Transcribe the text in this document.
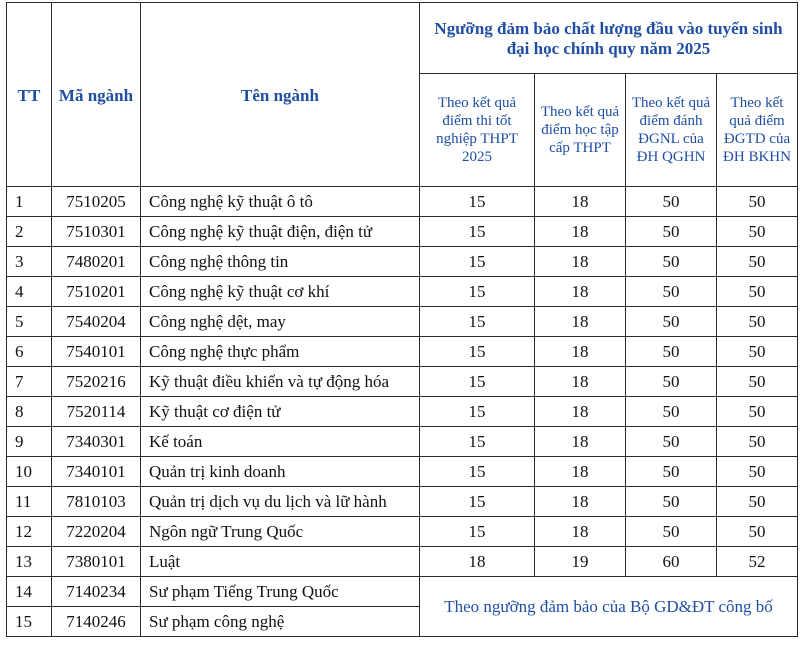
TT	Mã ngành	Tên ngành	Ngưỡng đảm bảo chất lượng đầu vào tuyển sinh đại học chính quy năm 2025			
			Theo kết quả điểm thi tốt nghiệp THPT 2025	Theo kết quả điểm học tập cấp THPT	Theo kết quả điểm đánh ĐGNL của ĐH QGHN	Theo kết quả điểm ĐGTD của ĐH BKHN
1	7510205	Công nghệ kỹ thuật ô tô	15	18	50	50
2	7510301	Công nghệ kỹ thuật điện, điện tử	15	18	50	50
3	7480201	Công nghệ thông tin	15	18	50	50
4	7510201	Công nghệ kỹ thuật cơ khí	15	18	50	50
5	7540204	Công nghệ dệt, may	15	18	50	50
6	7540101	Công nghệ thực phẩm	15	18	50	50
7	7520216	Kỹ thuật điều khiển và tự động hóa	15	18	50	50
8	7520114	Kỹ thuật cơ điện tử	15	18	50	50
9	7340301	Kế toán	15	18	50	50
10	7340101	Quản trị kinh doanh	15	18	50	50
11	7810103	Quản trị dịch vụ du lịch và lữ hành	15	18	50	50
12	7220204	Ngôn ngữ Trung Quốc	15	18	50	50
13	7380101	Luật	18	19	60	52
14	7140234	Sư phạm Tiếng Trung Quốc	Theo ngưỡng đảm bảo của Bộ GD&ĐT công bố			
15	7140246	Sư phạm công nghệ				
